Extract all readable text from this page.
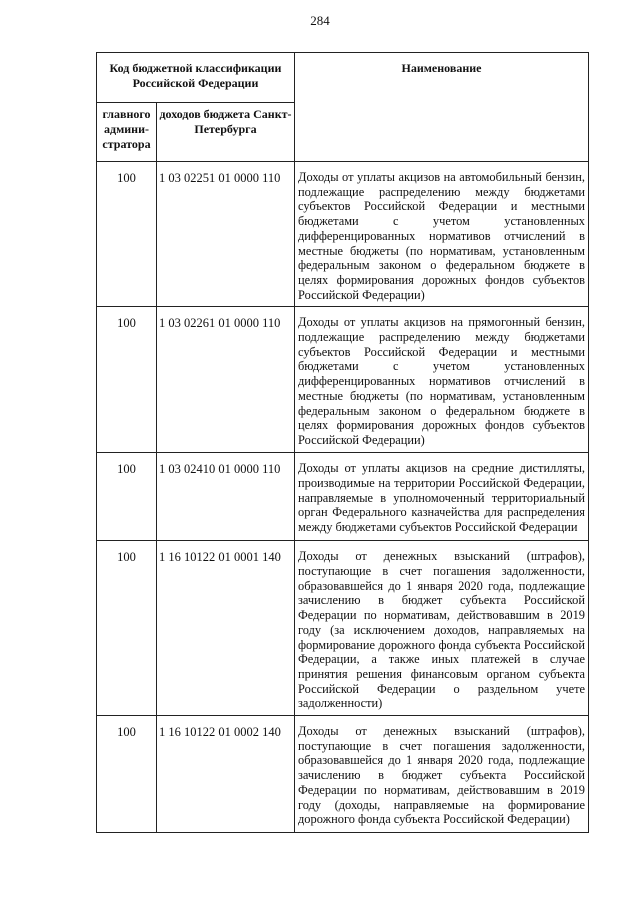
284
Код бюджетной классификации Российской Федерации		Наименование
главного админи-стратора	доходов бюджета Санкт-Петербурга	
100	1 03 02251 01 0000 110	Доходы от уплаты акцизов на автомобильный бензин, подлежащие распределению между бюджетами субъектов Российской Федерации и местными бюджетами с учетом установленных дифференцированных нормативов отчислений в местные бюджеты (по нормативам, установленным федеральным законом о федеральном бюджете в целях формирования дорожных фондов субъектов Российской Федерации)
100	1 03 02261 01 0000 110	Доходы от уплаты акцизов на прямогонный бензин, подлежащие распределению между бюджетами субъектов Российской Федерации и местными бюджетами с учетом установленных дифференцированных нормативов отчислений в местные бюджеты (по нормативам, установленным федеральным законом о федеральном бюджете в целях формирования дорожных фондов субъектов Российской Федерации)
100	1 03 02410 01 0000 110	Доходы от уплаты акцизов на средние дистилляты, производимые на территории Российской Федерации, направляемые в уполномоченный территориальный орган Федерального казначейства для распределения между бюджетами субъектов Российской Федерации
100	1 16 10122 01 0001 140	Доходы от денежных взысканий (штрафов), поступающие в счет погашения задолженности, образовавшейся до 1 января 2020 года, подлежащие зачислению в бюджет субъекта Российской Федерации по нормативам, действовавшим в 2019 году (за исключением доходов, направляемых на формирование дорожного фонда субъекта Российской Федерации, а также иных платежей в случае принятия решения финансовым органом субъекта Российской Федерации о раздельном учете задолженности)
100	1 16 10122 01 0002 140	Доходы от денежных взысканий (штрафов), поступающие в счет погашения задолженности, образовавшейся до 1 января 2020 года, подлежащие зачислению в бюджет субъекта Российской Федерации по нормативам, действовавшим в 2019 году (доходы, направляемые на формирование дорожного фонда субъекта Российской Федерации)
